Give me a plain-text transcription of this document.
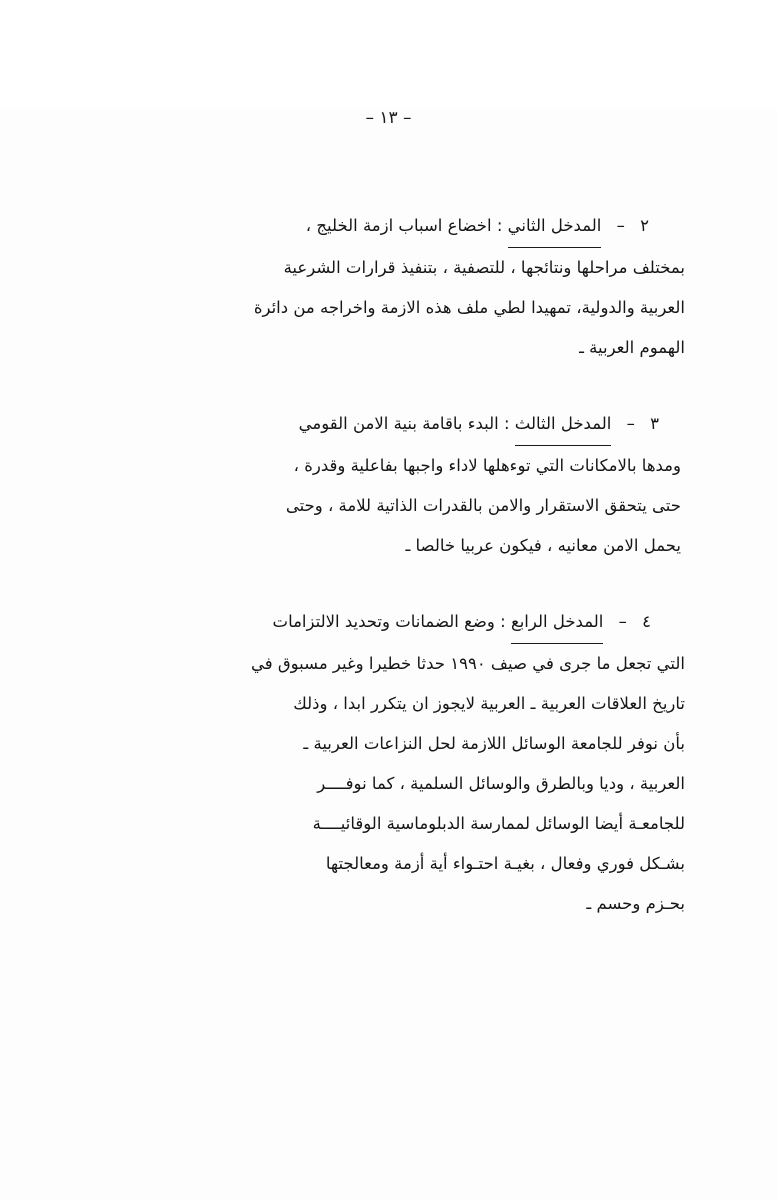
– ١٣ –
٢ – المدخل الثاني : اخضاع اسباب ازمة الخليج ،
بمختلف مراحلها ونتائجها ، للتصفية ، بتنفيذ قرارات الشرعية
العربية والدولية، تمهيدا لطي ملف هذه الازمة واخراجه من دائرة
الهموم العربية ـ
٣ – المدخل الثالث : البدء باقامة بنية الامن القومي
ومدها بالامكانات التي توءهلها لاداء واجبها بفاعلية وقدرة ،
حتى يتحقق الاستقرار والامن بالقدرات الذاتية للامة ، وحتى
يحمل الامن معانيه ، فيكون عربيا خالصا ـ
٤ – المدخل الرابع : وضع الضمانات وتحديد الالتزامات
التي تجعل ما جرى في صيف ١٩٩٠ حدثا خطيرا وغير مسبوق في
تاريخ العلاقات العربية ـ العربية لايجوز ان يتكرر ابدا ، وذلك
بأن نوفر للجامعة الوسائل اللازمة لحل النزاعات العربية ـ
العربية ، وديا وبالطرق والوسائل السلمية ، كما نوفــــر
للجامعـة أيضا الوسائل لممارسة الدبلوماسية الوقائيــــة
بشـكل فوري وفعال ، بغيـة احتـواء أية أزمة ومعالجتها
بحـزم وحسم ـ
